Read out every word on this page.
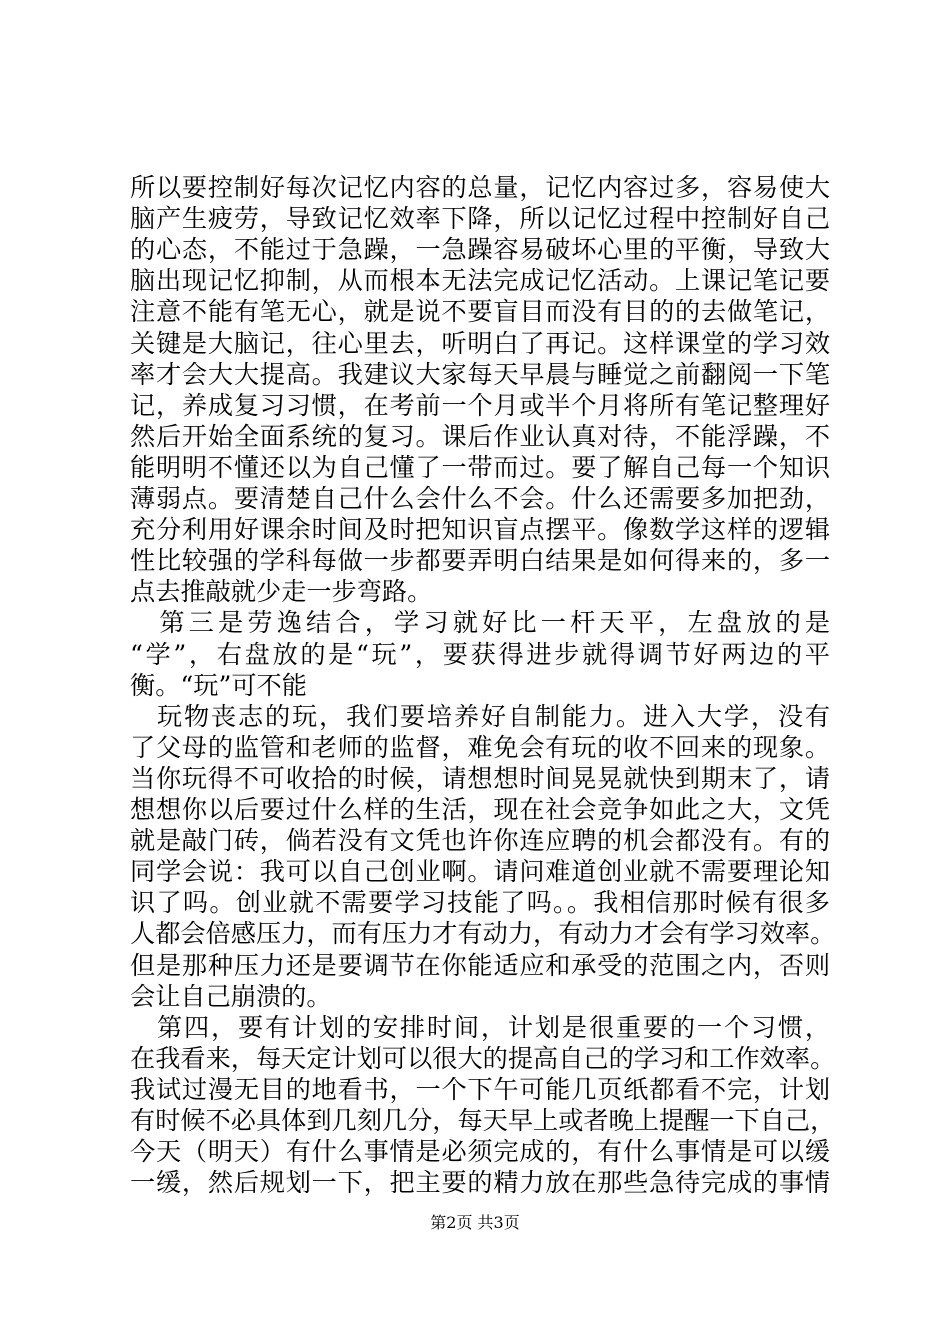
所以要控制好每次记忆内容的总量，记忆内容过多，容易使大

脑产生疲劳，导致记忆效率下降，所以记忆过程中控制好自己

的心态，不能过于急躁，一急躁容易破坏心里的平衡，导致大

脑出现记忆抑制，从而根本无法完成记忆活动。上课记笔记要

注意不能有笔无心，就是说不要盲目而没有目的的去做笔记，

关键是大脑记，往心里去，听明白了再记。这样课堂的学习效

率才会大大提高。我建议大家每天早晨与睡觉之前翻阅一下笔

记，养成复习习惯，在考前一个月或半个月将所有笔记整理好

然后开始全面系统的复习。课后作业认真对待，不能浮躁，不

能明明不懂还以为自己懂了一带而过。要了解自己每一个知识

薄弱点。要清楚自己什么会什么不会。什么还需要多加把劲，

充分利用好课余时间及时把知识盲点摆平。像数学这样的逻辑

性比较强的学科每做一步都要弄明白结果是如何得来的，多一

点去推敲就少走一步弯路。

　第三是劳逸结合，学习就好比一杆天平，左盘放的是

“学”，右盘放的是“玩”，要获得进步就得调节好两边的平

衡。“玩”可不能

　玩物丧志的玩，我们要培养好自制能力。进入大学，没有

了父母的监管和老师的监督，难免会有玩的收不回来的现象。

当你玩得不可收拾的时候，请想想时间晃晃就快到期末了，请

想想你以后要过什么样的生活，现在社会竞争如此之大，文凭

就是敲门砖，倘若没有文凭也许你连应聘的机会都没有。有的

同学会说：我可以自己创业啊。请问难道创业就不需要理论知

识了吗。创业就不需要学习技能了吗。。我相信那时候有很多

人都会倍感压力，而有压力才有动力，有动力才会有学习效率。

但是那种压力还是要调节在你能适应和承受的范围之内，否则

会让自己崩溃的。

　第四，要有计划的安排时间，计划是很重要的一个习惯，

在我看来，每天定计划可以很大的提高自己的学习和工作效率。

我试过漫无目的地看书，一个下午可能几页纸都看不完，计划

有时候不必具体到几刻几分，每天早上或者晚上提醒一下自己，

今天（明天）有什么事情是必须完成的，有什么事情是可以缓

一缓，然后规划一下，把主要的精力放在那些急待完成的事情

第2页 共3页
